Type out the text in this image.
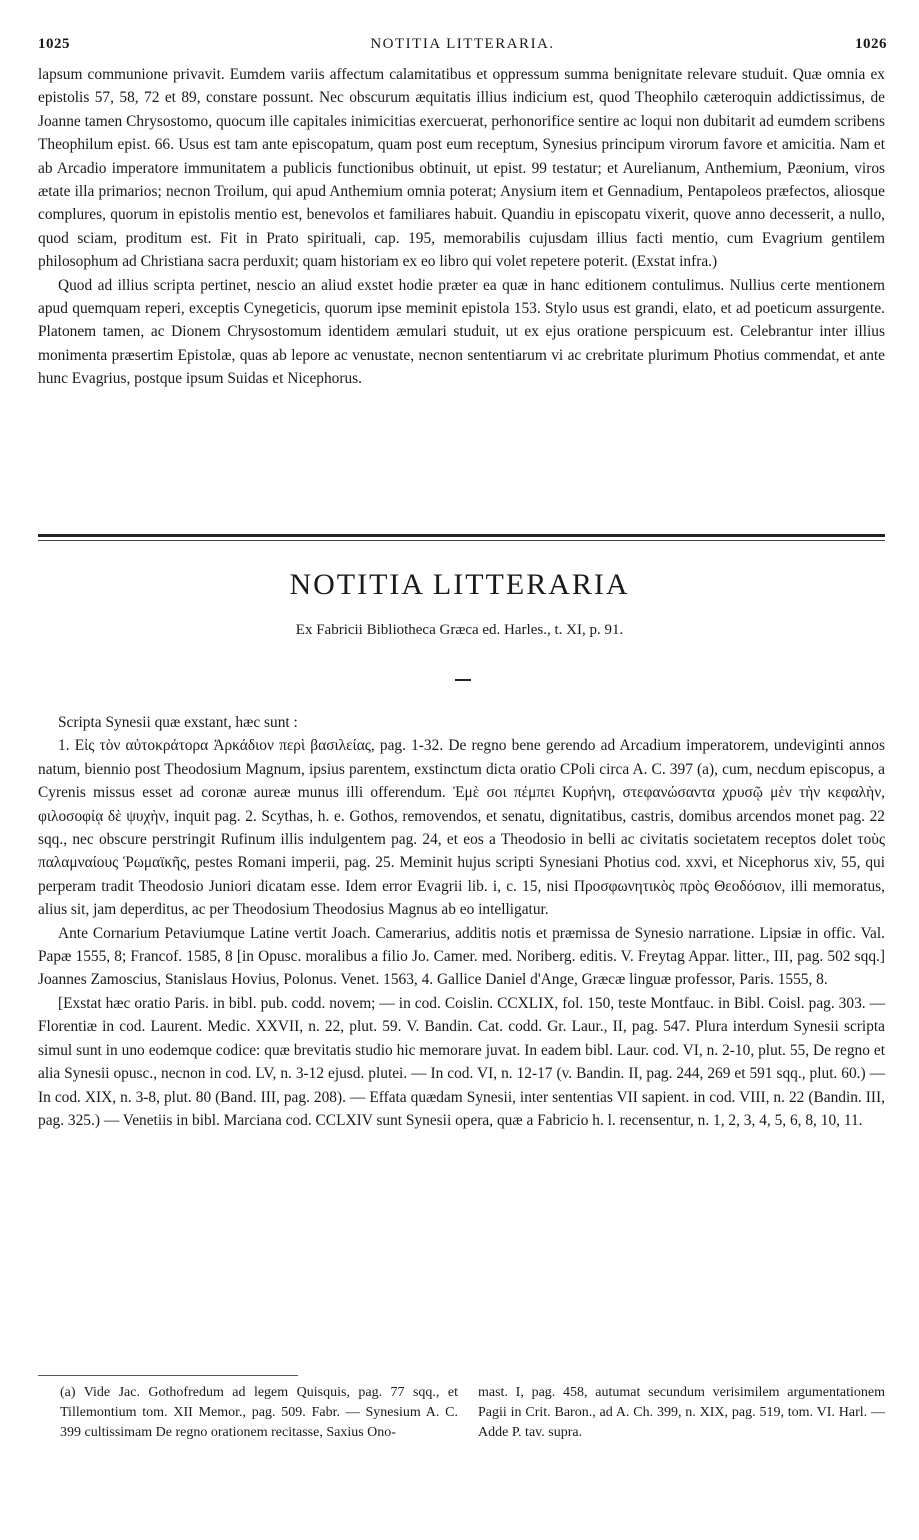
1025	NOTITIA LITTERARIA.	1026

lapsum communione privavit. Eumdem variis affectum calamitatibus et oppressum summa benignitate relevare studuit. Quæ omnia ex epistolis 57, 58, 72 et 89, constare possunt. Nec obscurum æquitatis illius indicium est, quod Theophilo cæteroquin addictissimus, de Joanne tamen Chrysostomo, quocum ille capitales inimicitias exercuerat, perhonorifice sentire ac loqui non dubitarit ad eumdem scribens Theophilum epist. 66. Usus est tam ante episcopatum, quam post eum receptum, Synesius principum virorum favore et amicitia. Nam et ab Arcadio imperatore immunitatem a publicis functionibus obtinuit, ut epist. 99 testatur; et Aurelianum, Anthemium, Pæonium, viros ætate illa primarios; necnon Troilum, qui apud Anthemium omnia poterat; Anysium item et Gennadium, Pentapoleos præfectos, aliosque complures, quorum in epistolis mentio est, benevolos et familiares habuit. Quandiu in episcopatu vixerit, quove anno decesserit, a nullo, quod sciam, proditum est. Fit in Prato spirituali, cap. 195, memorabilis cujusdam illius facti mentio, cum Evagrium gentilem philosophum ad Christiana sacra perduxit; quam historiam ex eo libro qui volet repetere poterit. (Exstat infra.)

Quod ad illius scripta pertinet, nescio an aliud exstet hodie præter ea quæ in hanc editionem contulimus. Nullius certe mentionem apud quemquam reperi, exceptis Cynegeticis, quorum ipse meminit epistola 153. Stylo usus est grandi, elato, et ad poeticum assurgente. Platonem tamen, ac Dionem Chrysostomum identidem æmulari studuit, ut ex ejus oratione perspicuum est. Celebrantur inter illius monimenta præsertim Epistolæ, quas ab lepore ac venustate, necnon sententiarum vi ac crebritate plurimum Photius commendat, et ante hunc Evagrius, postque ipsum Suidas et Nicephorus.

NOTITIA LITTERARIA
Ex Fabricii Bibliotheca Græca ed. Harles., t. XI, p. 91.

Scripta Synesii quæ exstant, hæc sunt :

1. Εἰς τὸν αὐτοκράτορα Ἀρκάδιον περὶ βασιλείας, pag. 1-32. De regno bene gerendo ad Arcadium imperatorem, undeviginti annos natum, biennio post Theodosium Magnum, ipsius parentem, exstinctum dicta oratio CPoli circa A. C. 397 (a), cum, necdum episcopus, a Cyrenis missus esset ad coronæ aureæ munus illi offerendum. Ἐμὲ σοι πέμπει Κυρήνη, στεφανώσαντα χρυσῷ μὲν τὴν κεφαλὴν, φιλοσοφίᾳ δὲ ψυχὴν, inquit pag. 2. Scythas, h. e. Gothos, removendos, et senatu, dignitatibus, castris, domibus arcendos monet pag. 22 sqq., nec obscure perstringit Rufinum illis indulgentem pag. 24, et eos a Theodosio in belli ac civitatis societatem receptos dolet τοὺς παλαμναίους Ῥωμαϊκῆς, pestes Romani imperii, pag. 25. Meminit hujus scripti Synesiani Photius cod. xxvi, et Nicephorus xiv, 55, qui perperam tradit Theodosio Juniori dicatam esse. Idem error Evagrii lib. i, c. 15, nisi Προσφωνητικὸς πρὸς Θεοδόσιον, illi memoratus, alius sit, jam deperditus, ac per Theodosium Theodosius Magnus ab eo intelligatur.

Ante Cornarium Petaviumque Latine vertit Joach. Camerarius, additis notis et præmissa de Synesio narratione. Lipsiæ in offic. Val. Papæ 1555, 8; Francof. 1585, 8 [in Opusc. moralibus a filio Jo. Camer. med. Noriberg. editis. V. Freytag Appar. litter., III, pag. 502 sqq.] Joannes Zamoscius, Stanislaus Hovius, Polonus. Venet. 1563, 4. Gallice Daniel d'Ange, Græcæ linguæ professor, Paris. 1555, 8.

[Exstat hæc oratio Paris. in bibl. pub. codd. novem; — in cod. Coislin. CCXLIX, fol. 150, teste Montfauc. in Bibl. Coisl. pag. 303. — Florentiæ in cod. Laurent. Medic. XXVII, n. 22, plut. 59. V. Bandin. Cat. codd. Gr. Laur., II, pag. 547. Plura interdum Synesii scripta simul sunt in uno eodemque codice: quæ brevitatis studio hic memorare juvat. In eadem bibl. Laur. cod. VI, n. 2-10, plut. 55, De regno et alia Synesii opusc., necnon in cod. LV, n. 3-12 ejusd. plutei. — In cod. VI, n. 12-17 (v. Bandin. II, pag. 244, 269 et 591 sqq., plut. 60.) — In cod. XIX, n. 3-8, plut. 80 (Band. III, pag. 208). — Effata quædam Synesii, inter sententias VII sapient. in cod. VIII, n. 22 (Bandin. III, pag. 325.) — Venetiis in bibl. Marciana cod. CCLXIV sunt Synesii opera, quæ a Fabricio h. l. recensentur, n. 1, 2, 3, 4, 5, 6, 8, 10, 11.

(a) Vide Jac. Gothofredum ad legem Quisquis, pag. 77 sqq., et Tillemontium tom. XII Memor., pag. 509. Fabr. — Synesium A. C. 399 cultissimam De regno orationem recitasse, Saxius Ono-
mast. I, pag. 458, autumat secundum verisimilem argumentationem Pagii in Crit. Baron., ad A. Ch. 399, n. XIX, pag. 519, tom. VI. Harl. — Adde P. tav. supra.
